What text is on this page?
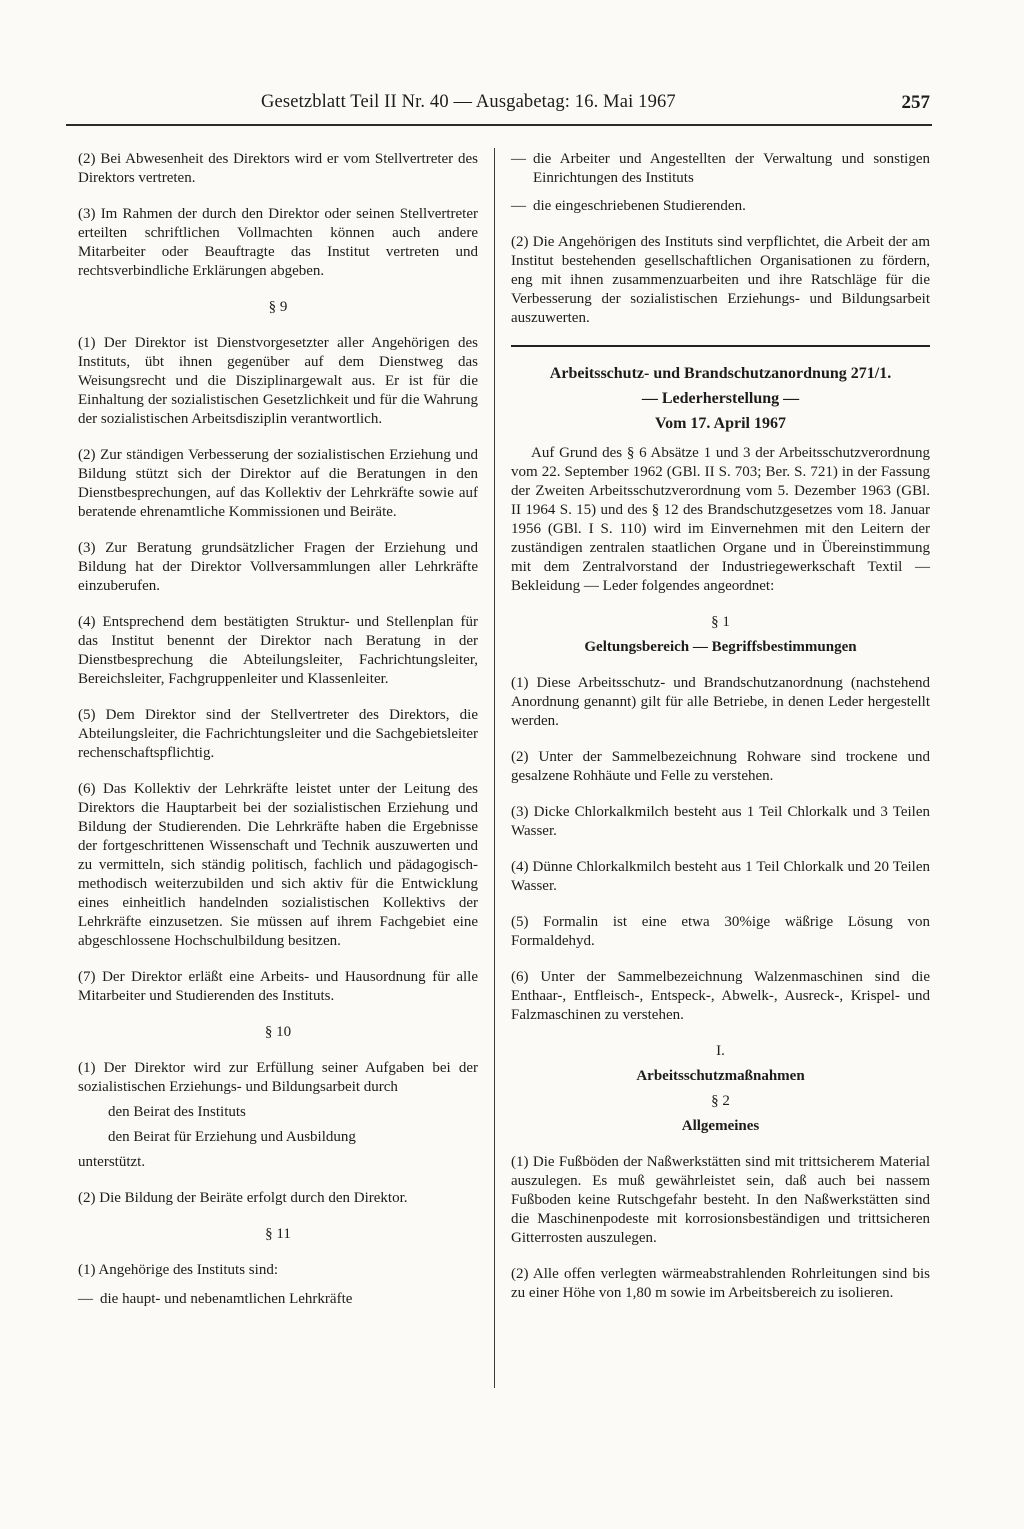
Gesetzblatt Teil II Nr. 40 — Ausgabetag: 16. Mai 1967	257

(2) Bei Abwesenheit des Direktors wird er vom Stellvertreter des Direktors vertreten.

(3) Im Rahmen der durch den Direktor oder seinen Stellvertreter erteilten schriftlichen Vollmachten können auch andere Mitarbeiter oder Beauftragte das Institut vertreten und rechtsverbindliche Erklärungen abgeben.

§ 9

(1) Der Direktor ist Dienstvorgesetzter aller Angehörigen des Instituts, übt ihnen gegenüber auf dem Dienstweg das Weisungsrecht und die Disziplinargewalt aus. Er ist für die Einhaltung der sozialistischen Gesetzlichkeit und für die Wahrung der sozialistischen Arbeitsdisziplin verantwortlich.

(2) Zur ständigen Verbesserung der sozialistischen Erziehung und Bildung stützt sich der Direktor auf die Beratungen in den Dienstbesprechungen, auf das Kollektiv der Lehrkräfte sowie auf beratende ehrenamtliche Kommissionen und Beiräte.

(3) Zur Beratung grundsätzlicher Fragen der Erziehung und Bildung hat der Direktor Vollversammlungen aller Lehrkräfte einzuberufen.

(4) Entsprechend dem bestätigten Struktur- und Stellenplan für das Institut benennt der Direktor nach Beratung in der Dienstbesprechung die Abteilungsleiter, Fachrichtungsleiter, Bereichsleiter, Fachgruppenleiter und Klassenleiter.

(5) Dem Direktor sind der Stellvertreter des Direktors, die Abteilungsleiter, die Fachrichtungsleiter und die Sachgebietsleiter rechenschaftspflichtig.

(6) Das Kollektiv der Lehrkräfte leistet unter der Leitung des Direktors die Hauptarbeit bei der sozialistischen Erziehung und Bildung der Studierenden. Die Lehrkräfte haben die Ergebnisse der fortgeschrittenen Wissenschaft und Technik auszuwerten und zu vermitteln, sich ständig politisch, fachlich und pädagogisch-methodisch weiterzubilden und sich aktiv für die Entwicklung eines einheitlich handelnden sozialistischen Kollektivs der Lehrkräfte einzusetzen. Sie müssen auf ihrem Fachgebiet eine abgeschlossene Hochschulbildung besitzen.

(7) Der Direktor erläßt eine Arbeits- und Hausordnung für alle Mitarbeiter und Studierenden des Instituts.

§ 10

(1) Der Direktor wird zur Erfüllung seiner Aufgaben bei der sozialistischen Erziehungs- und Bildungsarbeit durch

den Beirat des Instituts
den Beirat für Erziehung und Ausbildung

unterstützt.

(2) Die Bildung der Beiräte erfolgt durch den Direktor.

§ 11

(1) Angehörige des Instituts sind:

— die haupt- und nebenamtlichen Lehrkräfte
— die Arbeiter und Angestellten der Verwaltung und sonstigen Einrichtungen des Instituts
— die eingeschriebenen Studierenden.

(2) Die Angehörigen des Instituts sind verpflichtet, die Arbeit der am Institut bestehenden gesellschaftlichen Organisationen zu fördern, eng mit ihnen zusammenzuarbeiten und ihre Ratschläge für die Verbesserung der sozialistischen Erziehungs- und Bildungsarbeit auszuwerten.

Arbeitsschutz- und Brandschutzanordnung 271/1.
— Lederherstellung —
Vom 17. April 1967

Auf Grund des § 6 Absätze 1 und 3 der Arbeitsschutzverordnung vom 22. September 1962 (GBl. II S. 703; Ber. S. 721) in der Fassung der Zweiten Arbeitsschutzverordnung vom 5. Dezember 1963 (GBl. II 1964 S. 15) und des § 12 des Brandschutzgesetzes vom 18. Januar 1956 (GBl. I S. 110) wird im Einvernehmen mit den Leitern der zuständigen zentralen staatlichen Organe und in Übereinstimmung mit dem Zentralvorstand der Industriegewerkschaft Textil — Bekleidung — Leder folgendes angeordnet:

§ 1
Geltungsbereich — Begriffsbestimmungen

(1) Diese Arbeitsschutz- und Brandschutzanordnung (nachstehend Anordnung genannt) gilt für alle Betriebe, in denen Leder hergestellt werden.

(2) Unter der Sammelbezeichnung Rohware sind trockene und gesalzene Rohhäute und Felle zu verstehen.

(3) Dicke Chlorkalkmilch besteht aus 1 Teil Chlorkalk und 3 Teilen Wasser.

(4) Dünne Chlorkalkmilch besteht aus 1 Teil Chlorkalk und 20 Teilen Wasser.

(5) Formalin ist eine etwa 30%ige wäßrige Lösung von Formaldehyd.

(6) Unter der Sammelbezeichnung Walzenmaschinen sind die Enthaar-, Entfleisch-, Entspeck-, Abwelk-, Ausreck-, Krispel- und Falzmaschinen zu verstehen.

I.
Arbeitsschutzmaßnahmen
§ 2
Allgemeines

(1) Die Fußböden der Naßwerkstätten sind mit trittsicherem Material auszulegen. Es muß gewährleistet sein, daß auch bei nassem Fußboden keine Rutschgefahr besteht. In den Naßwerkstätten sind die Maschinenpodeste mit korrosionsbeständigen und trittsicheren Gitterrosten auszulegen.

(2) Alle offen verlegten wärmeabstrahlenden Rohrleitungen sind bis zu einer Höhe von 1,80 m sowie im Arbeitsbereich zu isolieren.
